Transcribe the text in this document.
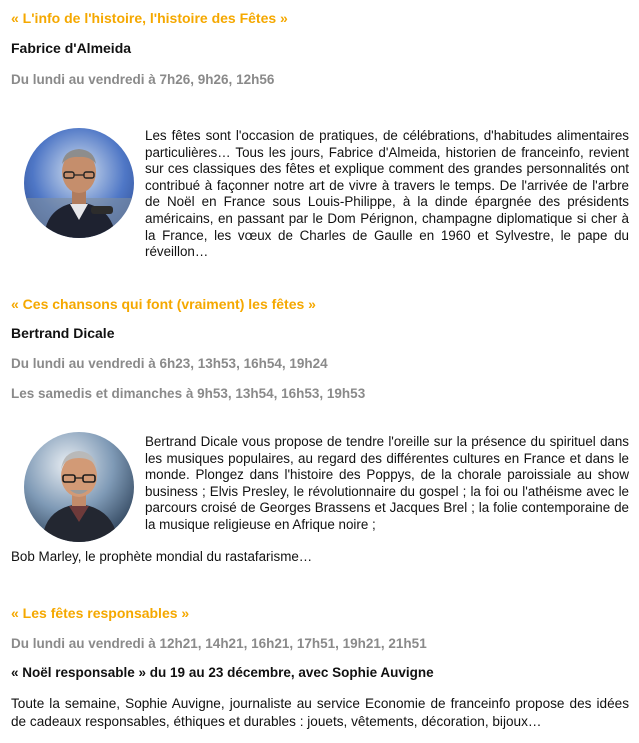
« L'info de l'histoire, l'histoire des Fêtes »
Fabrice d'Almeida
Du lundi au vendredi à 7h26, 9h26, 12h56
Les fêtes sont l'occasion de pratiques, de célébrations, d'habitudes alimentaires particulières… Tous les jours, Fabrice d'Almeida, historien de franceinfo, revient sur ces classiques des fêtes et explique comment des grandes personnalités ont contribué à façonner notre art de vivre à travers le temps. De l'arrivée de l'arbre de Noël en France sous Louis-Philippe, à la dinde épargnée des présidents américains, en passant par le Dom Pérignon, champagne diplomatique si cher à la France, les vœux de Charles de Gaulle en 1960 et Sylvestre, le pape du réveillon…
« Ces chansons qui font (vraiment) les fêtes »
Bertrand Dicale
Du lundi au vendredi à 6h23, 13h53, 16h54, 19h24
Les samedis et dimanches à 9h53, 13h54, 16h53, 19h53
Bertrand Dicale vous propose de tendre l'oreille sur la présence du spirituel dans les musiques populaires, au regard des différentes cultures en France et dans le monde. Plongez dans l'histoire des Poppys, de la chorale paroissiale au show business ; Elvis Presley, le révolutionnaire du gospel ; la foi ou l'athéisme avec le parcours croisé de Georges Brassens et Jacques Brel ; la folie contemporaine de la musique religieuse en Afrique noire ;
Bob Marley, le prophète mondial du rastafarisme…
« Les fêtes responsables »
Du lundi au vendredi à 12h21, 14h21, 16h21, 17h51, 19h21, 21h51
« Noël responsable » du 19 au 23 décembre, avec Sophie Auvigne
Toute la semaine, Sophie Auvigne, journaliste au service Economie de franceinfo propose des idées de cadeaux responsables, éthiques et durables : jouets, vêtements, décoration, bijoux…
